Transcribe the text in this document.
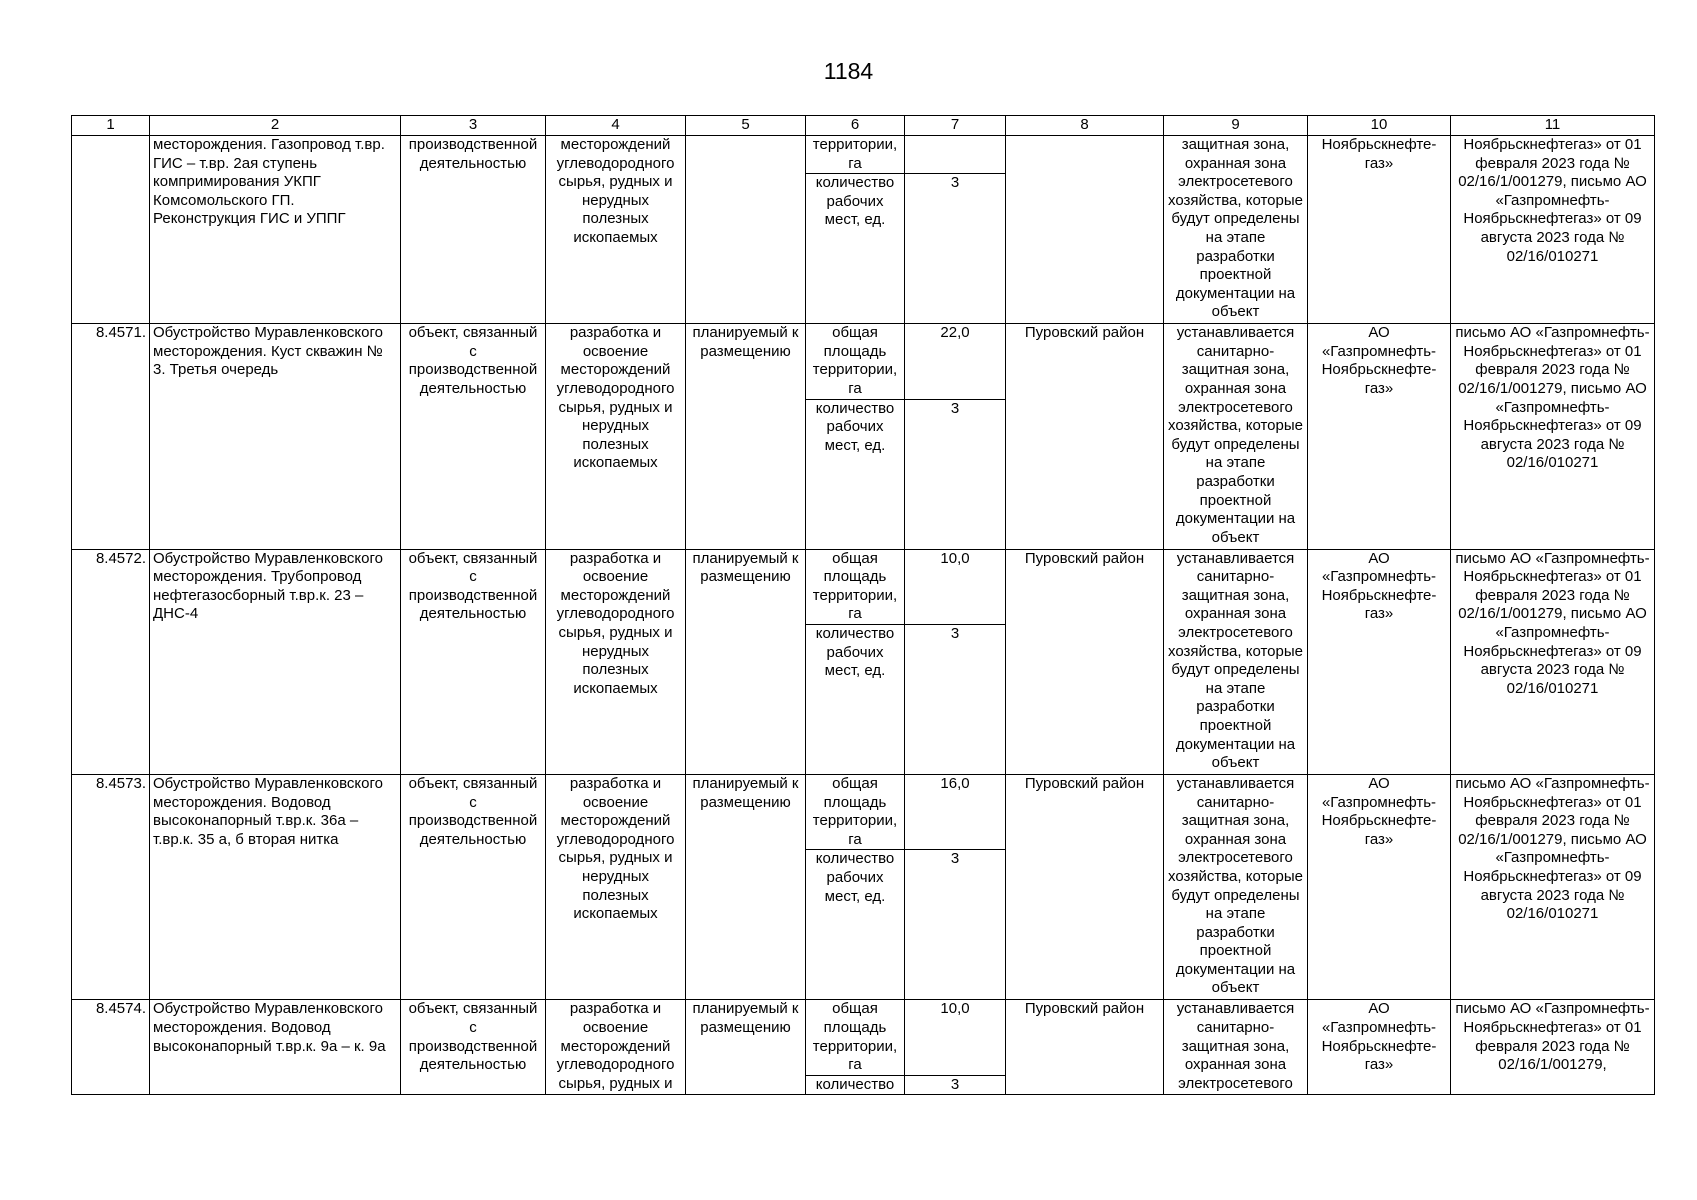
1184
1	2	3	4	5	6	7	8	9	10	11
	месторождения. Газопровод т.вр. ГИС – т.вр. 2ая ступень компримирования УКПГ Комсомольского ГП. Реконструкция ГИС и УППГ	производственной деятельностью	месторождений углеводородного сырья, рудных и нерудных полезных ископаемых		территории, га			защитная зона, охранная зона электросетевого хозяйства, которые будут определены на этапе разработки проектной документации на объект	Ноябрьскнефте-газ»	Ноябрьскнефтегаз» от 01 февраля 2023 года № 02/16/1/001279, письмо АО «Газпромнефть-Ноябрьскнефтегаз» от 09 августа 2023 года № 02/16/010271
					количество рабочих мест, ед.	3				
8.4571.	Обустройство Муравленковского месторождения. Куст скважин № 3. Третья очередь	объект, связанный с производственной деятельностью	разработка и освоение месторождений углеводородного сырья, рудных и нерудных полезных ископаемых	планируемый к размещению	общая площадь территории, га	22,0	Пуровский район	устанавливается санитарно-защитная зона, охранная зона электросетевого хозяйства, которые будут определены на этапе разработки проектной документации на объект	АО «Газпромнефть-Ноябрьскнефте-газ»	письмо АО «Газпромнефть-Ноябрьскнефтегаз» от 01 февраля 2023 года № 02/16/1/001279, письмо АО «Газпромнефть-Ноябрьскнефтегаз» от 09 августа 2023 года № 02/16/010271
					количество рабочих мест, ед.	3				
8.4572.	Обустройство Муравленковского месторождения. Трубопровод нефтегазосборный т.вр.к. 23 – ДНС-4	объект, связанный с производственной деятельностью	разработка и освоение месторождений углеводородного сырья, рудных и нерудных полезных ископаемых	планируемый к размещению	общая площадь территории, га	10,0	Пуровский район	устанавливается санитарно-защитная зона, охранная зона электросетевого хозяйства, которые будут определены на этапе разработки проектной документации на объект	АО «Газпромнефть-Ноябрьскнефте-газ»	письмо АО «Газпромнефть-Ноябрьскнефтегаз» от 01 февраля 2023 года № 02/16/1/001279, письмо АО «Газпромнефть-Ноябрьскнефтегаз» от 09 августа 2023 года № 02/16/010271
					количество рабочих мест, ед.	3				
8.4573.	Обустройство Муравленковского месторождения. Водовод высоконапорный т.вр.к. 36а – т.вр.к. 35 а, б вторая нитка	объект, связанный с производственной деятельностью	разработка и освоение месторождений углеводородного сырья, рудных и нерудных полезных ископаемых	планируемый к размещению	общая площадь территории, га	16,0	Пуровский район	устанавливается санитарно-защитная зона, охранная зона электросетевого хозяйства, которые будут определены на этапе разработки проектной документации на объект	АО «Газпромнефть-Ноябрьскнефте-газ»	письмо АО «Газпромнефть-Ноябрьскнефтегаз» от 01 февраля 2023 года № 02/16/1/001279, письмо АО «Газпромнефть-Ноябрьскнефтегаз» от 09 августа 2023 года № 02/16/010271
					количество рабочих мест, ед.	3				
8.4574.	Обустройство Муравленковского месторождения. Водовод высоконапорный т.вр.к. 9а – к. 9а	объект, связанный с производственной деятельностью	разработка и освоение месторождений углеводородного сырья, рудных и	планируемый к размещению	общая площадь территории, га	10,0	Пуровский район	устанавливается санитарно-защитная зона, охранная зона электросетевого	АО «Газпромнефть-Ноябрьскнефте-газ»	письмо АО «Газпромнефть-Ноябрьскнефтегаз» от 01 февраля 2023 года № 02/16/1/001279,
					количество	3				
